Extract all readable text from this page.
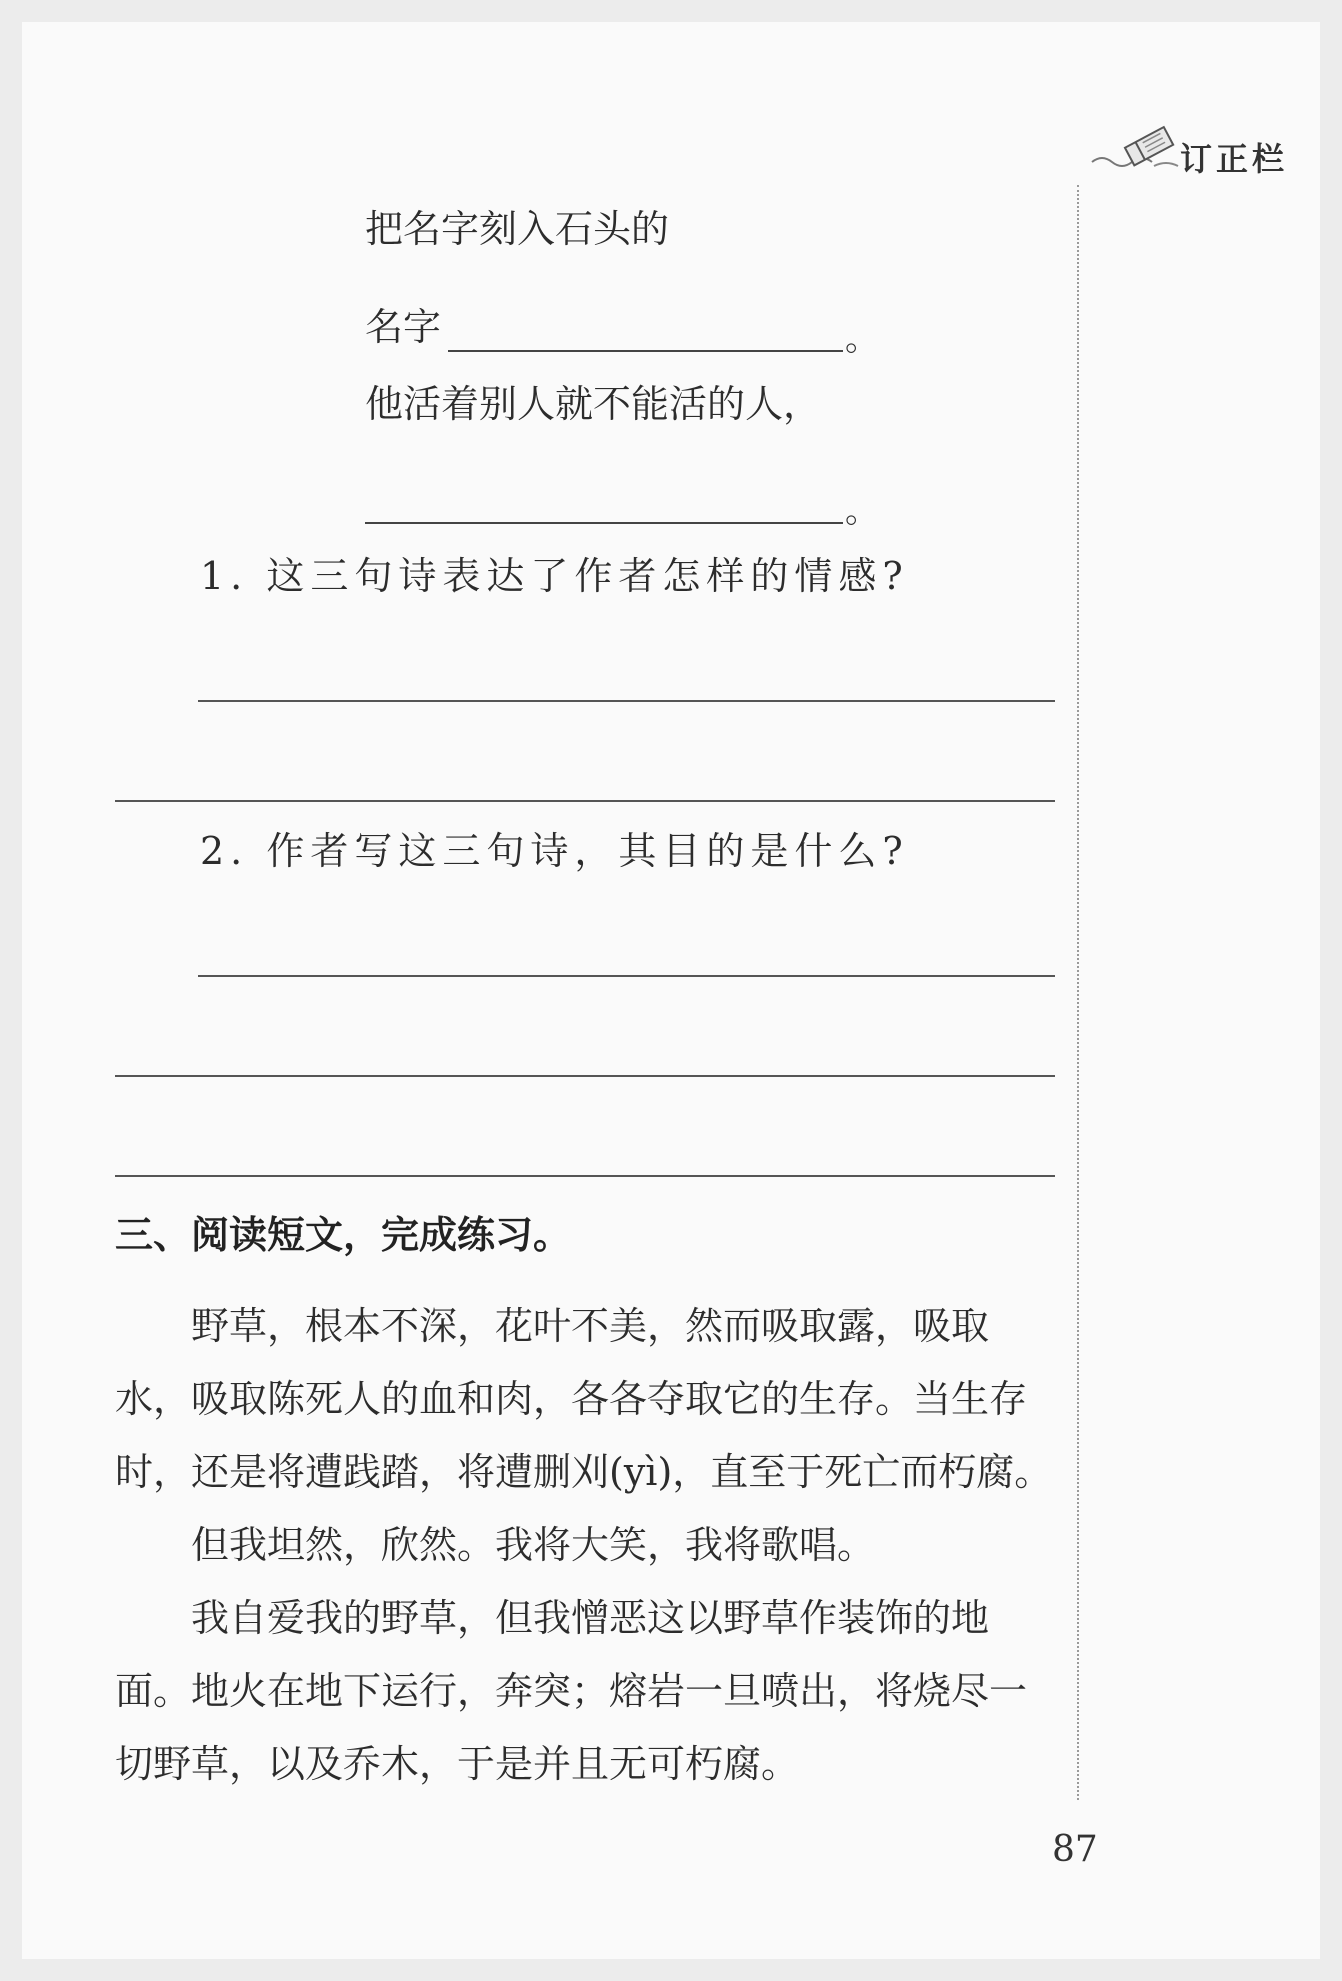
订正栏
把名字刻入石头的
名字	。
他活着别人就不能活的人，
。
1. 这三句诗表达了作者怎样的情感?
2. 作者写这三句诗，其目的是什么?
三、阅读短文，完成练习。
野草，根本不深，花叶不美，然而吸取露，吸取水，吸取陈死人的血和肉，各各夺取它的生存。当生存时，还是将遭践踏，将遭删刈(yì)，直至于死亡而朽腐。
但我坦然，欣然。我将大笑，我将歌唱。
我自爱我的野草，但我憎恶这以野草作装饰的地面。 地火在地下运行，奔突；熔岩一旦喷出，将烧尽一切野草，以及乔木，于是并且无可朽腐。
87
